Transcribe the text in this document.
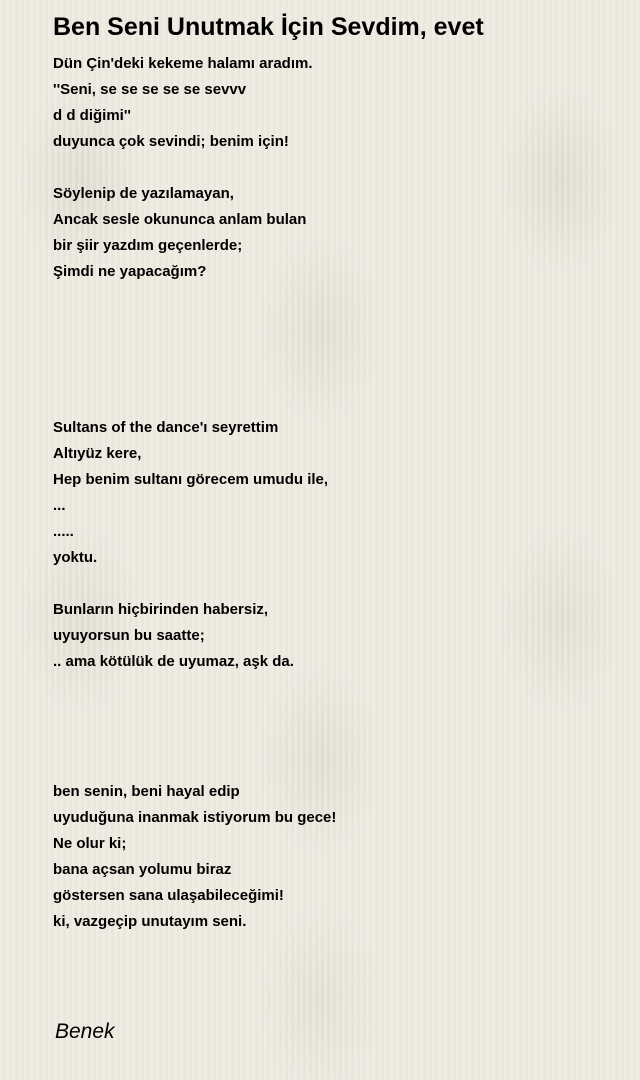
Ben Seni Unutmak İçin Sevdim, evet
Dün Çin'deki kekeme halamı aradım.
''Seni, se se se se se sevvv
d d diğimi''
duyunca çok sevindi; benim için!
Söylenip de yazılamayan,
Ancak sesle okununca anlam bulan
bir şiir yazdım geçenlerde;
Şimdi ne yapacağım?
Sultans of the dance'ı seyrettim
Altıyüz kere,
Hep benim sultanı görecem umudu ile,
...
.....
yoktu.
Bunların hiçbirinden habersiz,
uyuyorsun bu saatte;
.. ama kötülük de uyumaz, aşk da.
ben senin, beni hayal edip
uyuduğuna inanmak istiyorum bu gece!
Ne olur ki;
bana açsan yolumu biraz
göstersen sana ulaşabileceğimi!
ki, vazgeçip unutayım seni.
Benek
